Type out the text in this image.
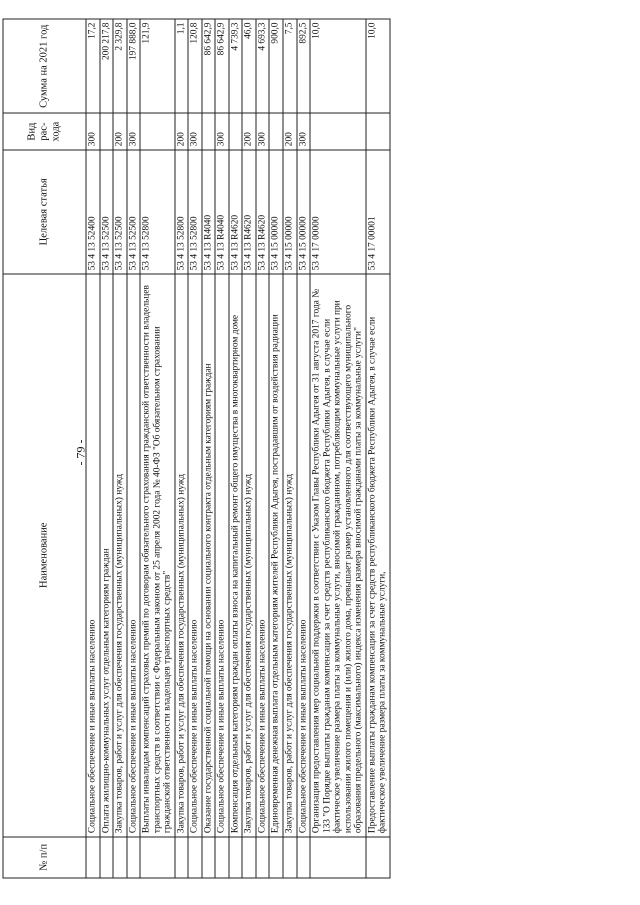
- 79 -
№ п/п	Наименование	Целевая статья	Вид рас- хода	Сумма на 2021 год
	Социальное обеспечение и иные выплаты населению	53 4 13 52400	300	17,2
	Оплата жилищно-коммунальных услуг отдельным категориям граждан	53 4 13 52500		200 217,8
	Закупка товаров, работ и услуг для обеспечения государственных (муниципальных) нужд	53 4 13 52500	200	2 329,8
	Социальное обеспечение и иные выплаты населению	53 4 13 52500	300	197 888,0
	Выплаты инвалидам компенсаций страховых премий по договорам обязательного страхования гражданской ответственности владельцев транспортных средств в соответствии с Федеральным законом от 25 апреля 2002 года № 40-ФЗ "Об обязательном страховании гражданской ответственности владельцев транспортных средств"	53 4 13 52800		121,9
	Закупка товаров, работ и услуг для обеспечения государственных (муниципальных) нужд	53 4 13 52800	200	1,1
	Социальное обеспечение и иные выплаты населению	53 4 13 52800	300	120,8
	Оказание государственной социальной помощи на основании социального контракта отдельным категориям граждан	53 4 13 R4040		86 642,9
	Социальное обеспечение и иные выплаты населению	53 4 13 R4040	300	86 642,9
	Компенсация отдельным категориям граждан оплаты взноса на капитальный ремонт общего имущества в многоквартирном доме	53 4 13 R4620		4 739,3
	Закупка товаров, работ и услуг для обеспечения государственных (муниципальных) нужд	53 4 13 R4620	200	46,0
	Социальное обеспечение и иные выплаты населению	53 4 13 R4620	300	4 693,3
	Единовременная денежная выплата отдельным категориям жителей Республики Адыгея, пострадавшим от воздействия радиации	53 4 15 00000		900,0
	Закупка товаров, работ и услуг для обеспечения государственных (муниципальных) нужд	53 4 15 00000	200	7,5
	Социальное обеспечение и иные выплаты населению	53 4 15 00000	300	892,5
	Организация предоставления мер социальной поддержки в соответствии с Указом Главы Республики Адыгея от 31 августа 2017 года № 133 "О Порядке выплаты гражданам компенсации за счет средств республиканского бюджета Республики Адыгея, в случае если фактическое увеличение размера платы за коммунальные услуги, вносимой гражданином, потребляющим коммунальные услуги при использовании жилого помещения и (или) жилого дома, превышает размер установленного для соответствующего муниципального образования предельного (максимального) индекса изменения размера вносимой гражданами платы за коммунальные услуги"	53 4 17 00000		10,0
	Предоставление выплаты гражданам компенсации за счет средств республиканского бюджета Республики Адыгея, в случае если фактическое увеличение размера платы за коммунальные услуги,	53 4 17 00001		10,0
